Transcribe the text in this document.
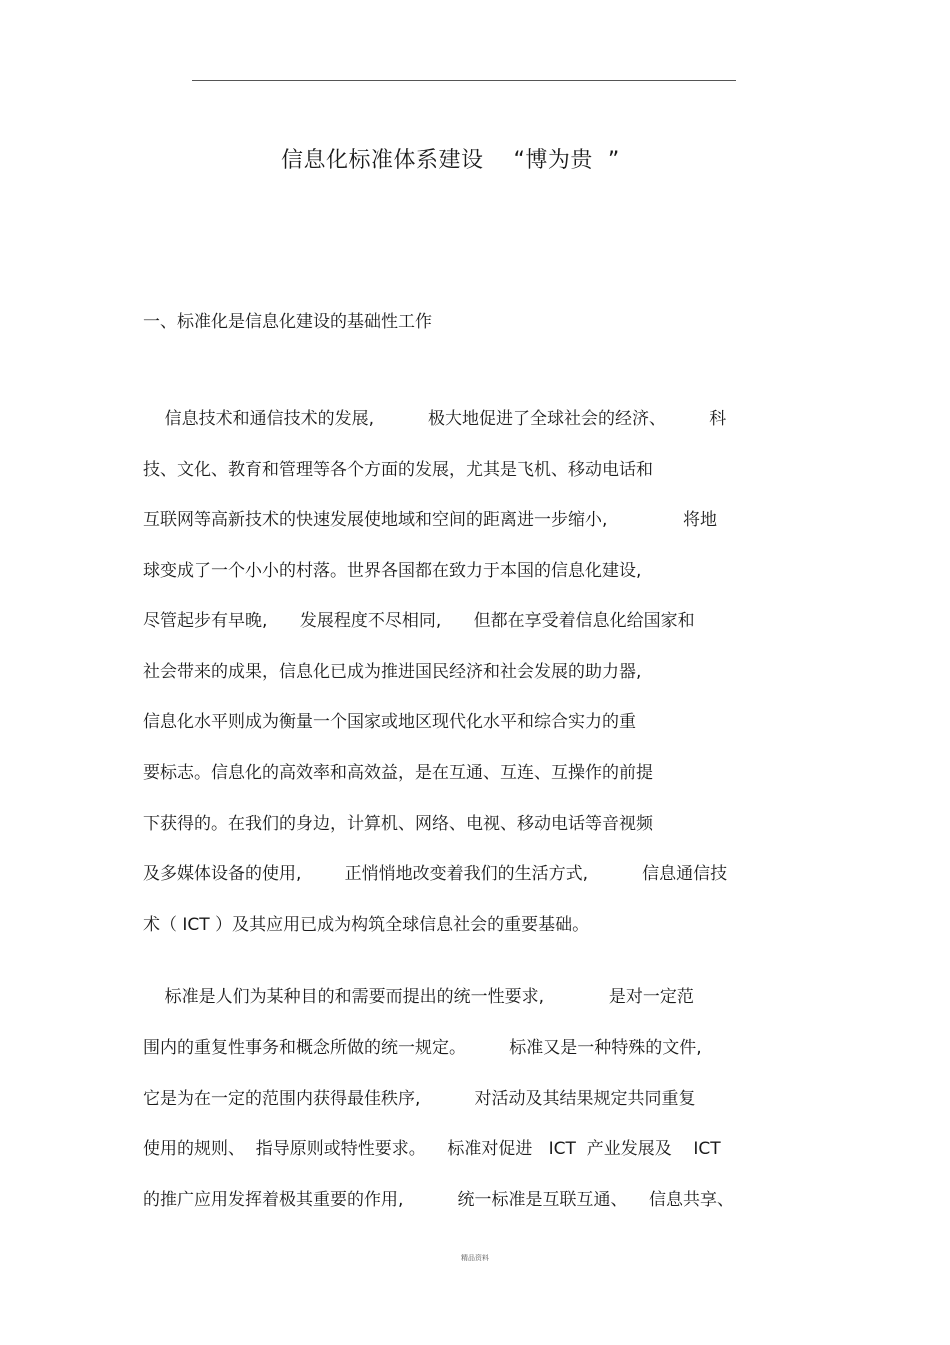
信息化标准体系建设    “博为贵  ”
一、标准化是信息化建设的基础性工作
信息技术和通信技术的发展,          极大地促进了全球社会的经济、        科
技、文化、教育和管理等各个方面的发展，尤其是飞机、移动电话和
互联网等高新技术的快速发展使地域和空间的距离进一步缩小,              将地
球变成了一个小小的村落。世界各国都在致力于本国的信息化建设,
尽管起步有早晚,      发展程度不尽相同,      但都在享受着信息化给国家和
社会带来的成果，信息化已成为推进国民经济和社会发展的助力器,
信息化水平则成为衡量一个国家或地区现代化水平和综合实力的重
要标志。信息化的高效率和高效益，是在互通、互连、互操作的前提
下获得的。在我们的身边，计算机、网络、电视、移动电话等音视频
及多媒体设备的使用,        正悄悄地改变着我们的生活方式,          信息通信技
术（ ICT ）及其应用已成为构筑全球信息社会的重要基础。
标准是人们为某种目的和需要而提出的统一性要求,            是对一定范
围内的重复性事务和概念所做的统一规定。        标准又是一种特殊的文件,
它是为在一定的范围内获得最佳秩序,          对活动及其结果规定共同重复
使用的规则、  指导原则或特性要求。    标准对促进   ICT  产业发展及    ICT
的推广应用发挥着极其重要的作用,          统一标准是互联互通、    信息共享、
精品资料
